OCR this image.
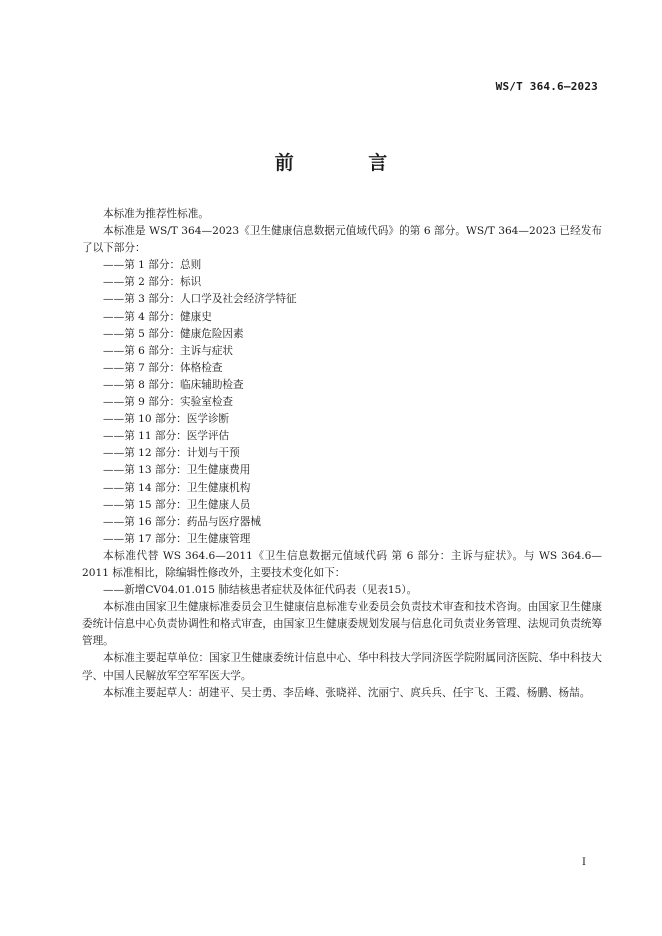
WS/T 364.6—2023
前 言

本标准为推荐性标准。

本标准是 WS/T 364—2023《卫生健康信息数据元值域代码》的第 6 部分。WS/T 364—2023 已经发布了以下部分：

——第 1 部分：总则
——第 2 部分：标识
——第 3 部分：人口学及社会经济学特征
——第 4 部分：健康史
——第 5 部分：健康危险因素
——第 6 部分：主诉与症状
——第 7 部分：体格检查
——第 8 部分：临床辅助检查
——第 9 部分：实验室检查
——第 10 部分：医学诊断
——第 11 部分：医学评估
——第 12 部分：计划与干预
——第 13 部分：卫生健康费用
——第 14 部分：卫生健康机构
——第 15 部分：卫生健康人员
——第 16 部分：药品与医疗器械
——第 17 部分：卫生健康管理

本标准代替 WS 364.6—2011《卫生信息数据元值域代码 第 6 部分：主诉与症状》。与 WS 364.6—2011 标准相比，除编辑性修改外，主要技术变化如下：

——新增CV04.01.015 肺结核患者症状及体征代码表（见表15）。

本标准由国家卫生健康标准委员会卫生健康信息标准专业委员会负责技术审查和技术咨询。由国家卫生健康委统计信息中心负责协调性和格式审查，由国家卫生健康委规划发展与信息化司负责业务管理、法规司负责统筹管理。

本标准主要起草单位：国家卫生健康委统计信息中心、华中科技大学同济医学院附属同济医院、华中科技大学、中国人民解放军空军军医大学。

本标准主要起草人：胡建平、吴士勇、李岳峰、张晓祥、沈丽宁、庹兵兵、任宇飞、王霞、杨鹏、杨喆。

I
